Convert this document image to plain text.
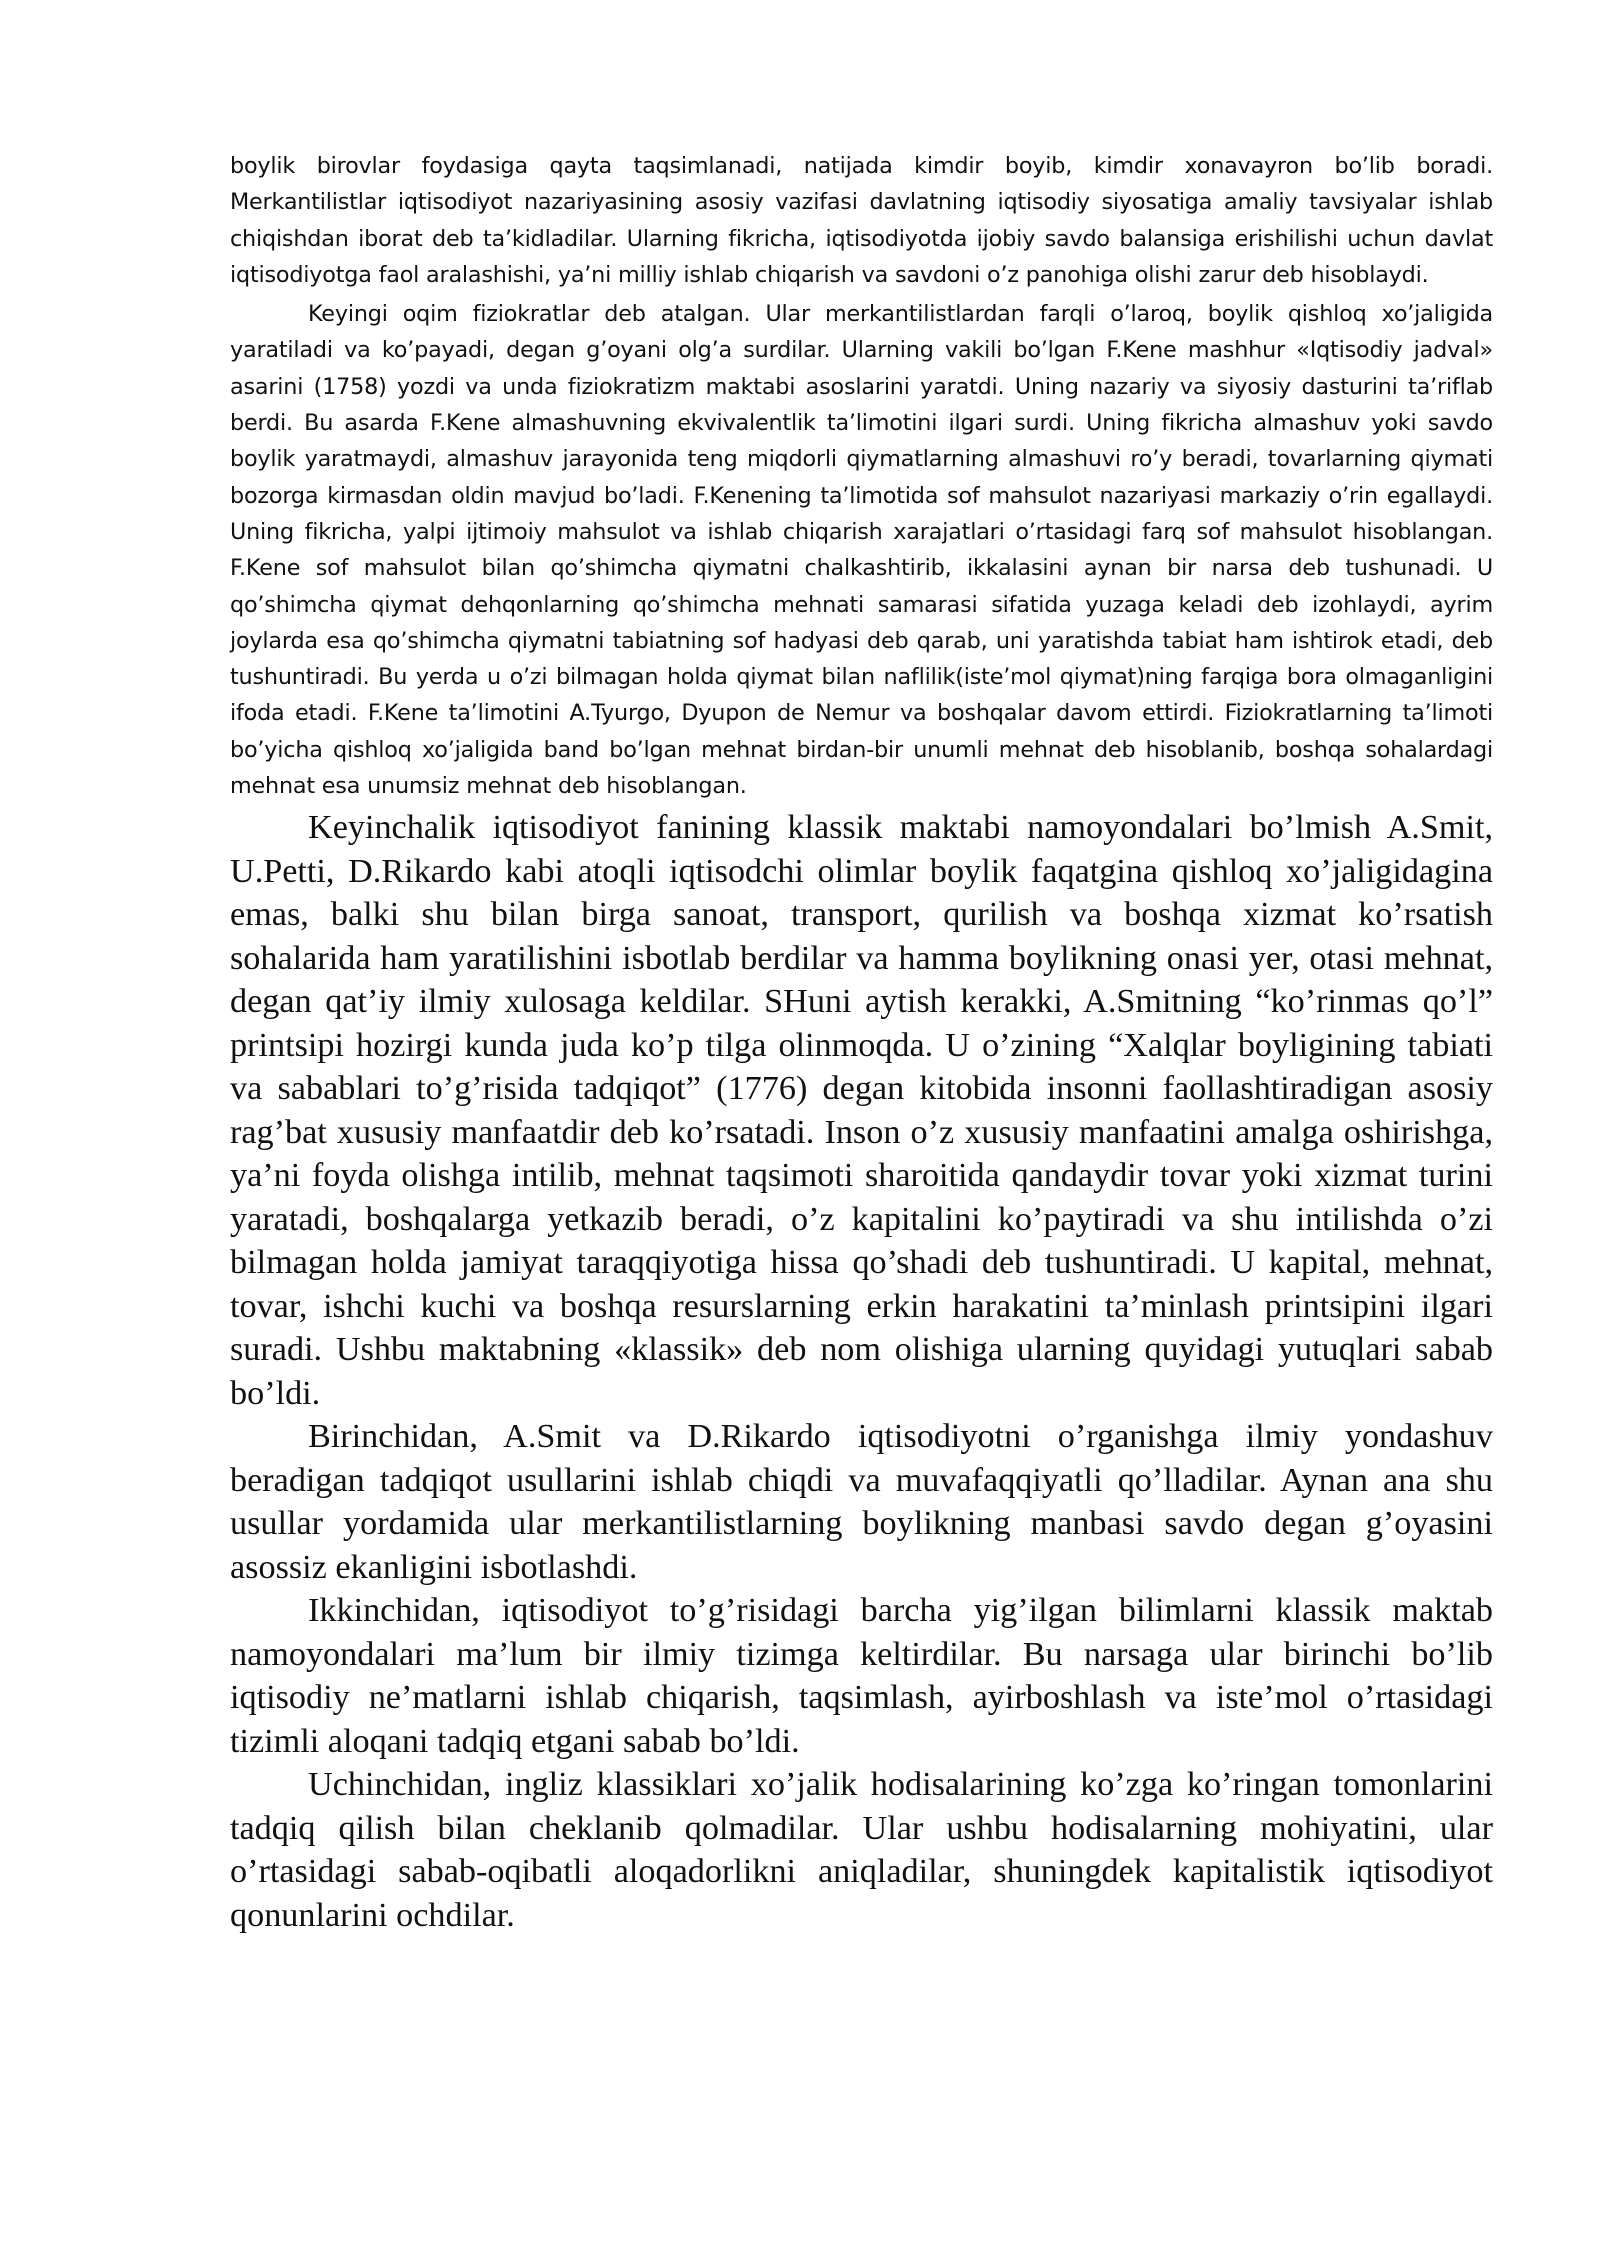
boylik birovlar foydasiga qayta taqsimlanadi, natijada kimdir boyib, kimdir xonavayron bo’lib boradi. Merkantilistlar iqtisodiyot nazariyasining asosiy vazifasi davlatning iqtisodiy siyosatiga amaliy tavsiyalar ishlab chiqishdan iborat deb ta’kidladilar. Ularning fikricha, iqtisodiyotda ijobiy savdo balansiga erishilishi uchun davlat iqtisodiyotga faol aralashishi, ya’ni milliy ishlab chiqarish va savdoni o’z panohiga olishi zarur deb hisoblaydi.

Keyingi oqim fiziokratlar deb atalgan. Ular merkantilistlardan farqli o’laroq, boylik qishloq xo’jaligida yaratiladi va ko’payadi, degan g’oyani olg’a surdilar. Ularning vakili bo’lgan F.Kene mashhur «Iqtisodiy jadval» asarini (1758) yozdi va unda fiziokratizm maktabi asoslarini yaratdi. Uning nazariy va siyosiy dasturini ta’riflab berdi. Bu asarda F.Kene almashuvning ekvivalentlik ta’limotini ilgari surdi. Uning fikricha almashuv yoki savdo boylik yaratmaydi, almashuv jarayonida teng miqdorli qiymatlarning almashuvi ro’y beradi, tovarlarning qiymati bozorga kirmasdan oldin mavjud bo’ladi. F.Kenening ta’limotida sof mahsulot nazariyasi markaziy o’rin egallaydi. Uning fikricha, yalpi ijtimoiy mahsulot va ishlab chiqarish xarajatlari o’rtasidagi farq sof mahsulot hisoblangan. F.Kene sof mahsulot bilan qo’shimcha qiymatni chalkashtirib, ikkalasini aynan bir narsa deb tushunadi. U qo’shimcha qiymat dehqonlarning qo’shimcha mehnati samarasi sifatida yuzaga keladi deb izohlaydi, ayrim joylarda esa qo’shimcha qiymatni tabiatning sof hadyasi deb qarab, uni yaratishda tabiat ham ishtirok etadi, deb tushuntiradi. Bu yerda u o’zi bilmagan holda qiymat bilan naflilik(iste’mol qiymat)ning farqiga bora olmaganligini ifoda etadi. F.Kene ta’limotini A.Tyurgo, Dyupon de Nemur va boshqalar davom ettirdi. Fiziokratlarning ta’limoti bo’yicha qishloq xo’jaligida band bo’lgan mehnat birdan-bir unumli mehnat deb hisoblanib, boshqa sohalardagi mehnat esa unumsiz mehnat deb hisoblangan.

Keyinchalik iqtisodiyot fanining klassik maktabi namoyondalari bo’lmish A.Smit, U.Petti, D.Rikardo kabi atoqli iqtisodchi olimlar boylik faqatgina qishloq xo’jaligidagina emas, balki shu bilan birga sanoat, transport, qurilish va boshqa xizmat ko’rsatish sohalarida ham yaratilishini isbotlab berdilar va hamma boylikning onasi yer, otasi mehnat, degan qat’iy ilmiy xulosaga keldilar. SHuni aytish kerakki, A.Smitning “ko’rinmas qo’l” printsipi hozirgi kunda juda ko’p tilga olinmoqda. U o’zining “Xalqlar boyligining tabiati va sabablari to’g’risida tadqiqot” (1776) degan kitobida insonni faollashtiradigan asosiy rag’bat xususiy manfaatdir deb ko’rsatadi. Inson o’z xususiy manfaatini amalga oshirishga, ya’ni foyda olishga intilib, mehnat taqsimoti sharoitida qandaydir tovar yoki xizmat turini yaratadi, boshqalarga yetkazib beradi, o’z kapitalini ko’paytiradi va shu intilishda o’zi bilmagan holda jamiyat taraqqiyotiga hissa qo’shadi deb tushuntiradi. U kapital, mehnat, tovar, ishchi kuchi va boshqa resurslarning erkin harakatini ta’minlash printsipini ilgari suradi. Ushbu maktabning «klassik» deb nom olishiga ularning quyidagi yutuqlari sabab bo’ldi.

Birinchidan, A.Smit va D.Rikardo iqtisodiyotni o’rganishga ilmiy yondashuv beradigan tadqiqot usullarini ishlab chiqdi va muvafaqqiyatli qo’lladilar. Aynan ana shu usullar yordamida ular merkantilistlarning boylikning manbasi savdo degan g’oyasini asossiz ekanligini isbotlashdi.

Ikkinchidan, iqtisodiyot to’g’risidagi barcha yig’ilgan bilimlarni klassik maktab namoyondalari ma’lum bir ilmiy tizimga keltirdilar. Bu narsaga ular birinchi bo’lib iqtisodiy ne’matlarni ishlab chiqarish, taqsimlash, ayirboshlash va iste’mol o’rtasidagi tizimli aloqani tadqiq etgani sabab bo’ldi.

Uchinchidan, ingliz klassiklari xo’jalik hodisalarining ko’zga ko’ringan tomonlarini tadqiq qilish bilan cheklanib qolmadilar. Ular ushbu hodisalarning mohiyatini, ular o’rtasidagi sabab-oqibatli aloqadorlikni aniqladilar, shuningdek kapitalistik iqtisodiyot qonunlarini ochdilar.
